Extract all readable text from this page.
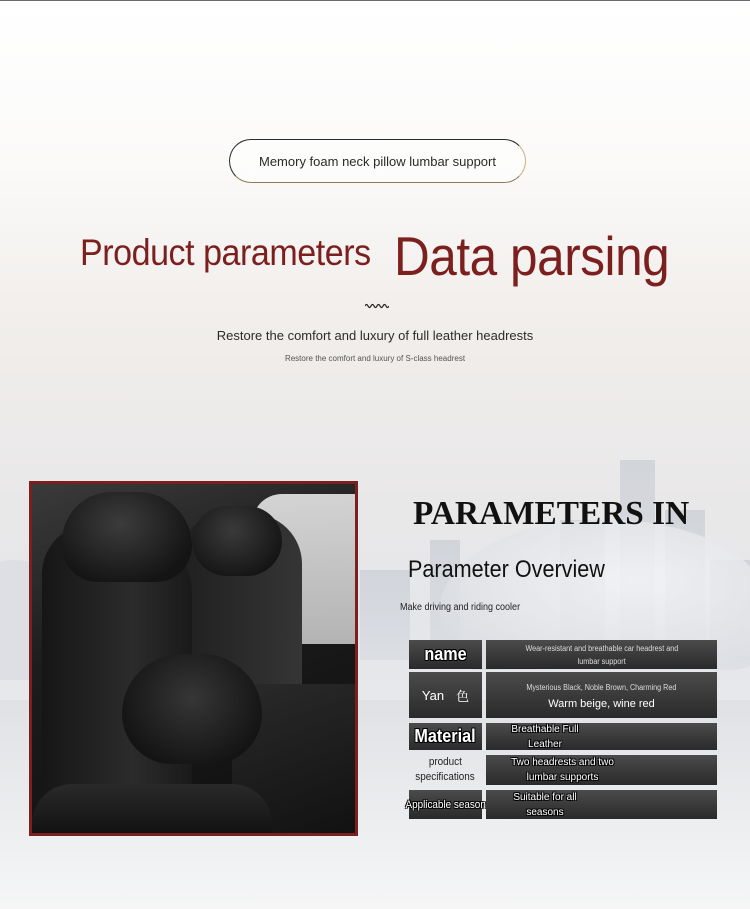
Memory foam neck pillow lumbar support
Product parameters Data parsing
Restore the comfort and luxury of full leather headrests
Restore the comfort and luxury of S-class headrest
PARAMETERS IN
Parameter Overview
Make driving and riding cooler
name	Wear-resistant and breathable car headrest and
lumbar support
Yan 色
Mysterious Black, Noble Brown, Charming Red
Warm beige, wine red
Material	Breathable Full
Leather
product
specifications
Two headrests and two
lumbar supports
Applicable season
Suitable for all
seasons
